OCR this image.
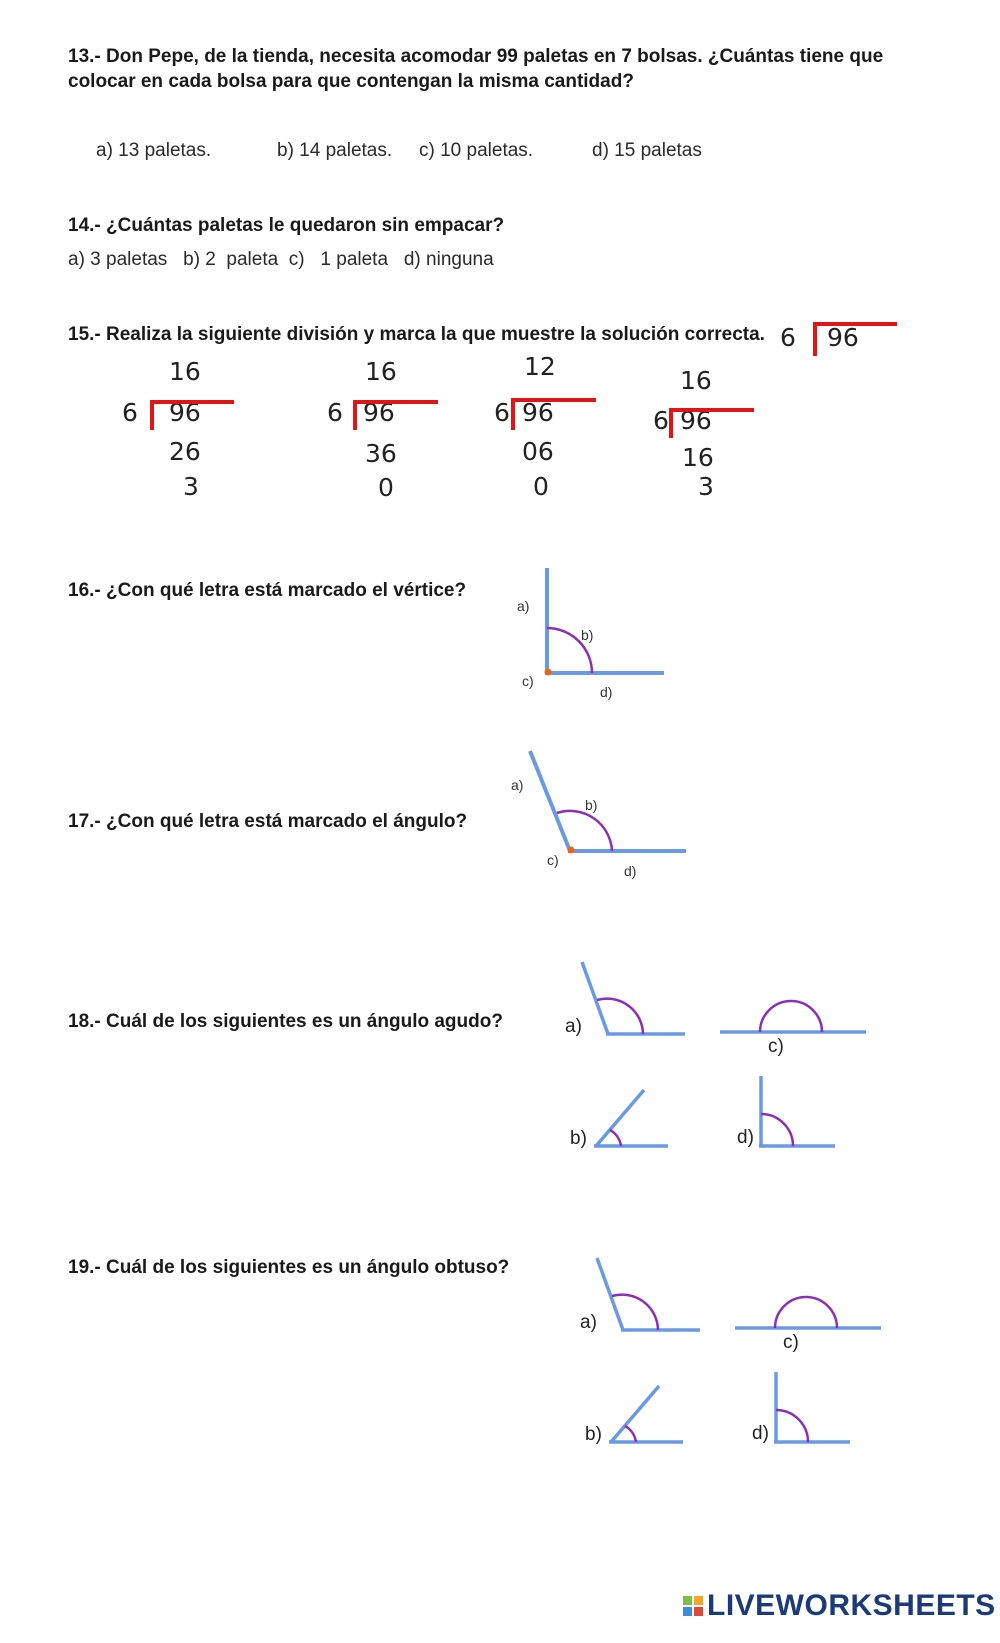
13.- Don Pepe, de la tienda, necesita acomodar 99 paletas en 7 bolsas. ¿Cuántas tiene que colocar en cada bolsa para que contengan la misma cantidad?
a) 13 paletas.	b) 14 paletas. c) 10 paletas.	d) 15 paletas
14.- ¿Cuántas paletas le quedaron sin empacar?
a) 3 paletas   b) 2  paleta  c)   1 paleta   d) ninguna
15.- Realiza la siguiente división y marca la que muestre la solución correcta. 6 96
16
6 96
26
3
16
6 96
36
0
12
6 96
06
0
16
6 96
16
3
16.- ¿Con qué letra está marcado el vértice?
a)
b)
c)
d)
17.- ¿Con qué letra está marcado el ángulo?
a)
b)
c)
d)
18.- Cuál de los siguientes es un ángulo agudo?	a)
c)
b)	d)
19.- Cuál de los siguientes es un ángulo obtuso?
a)
c)
b)	d)
LIVEWORKSHEETS
